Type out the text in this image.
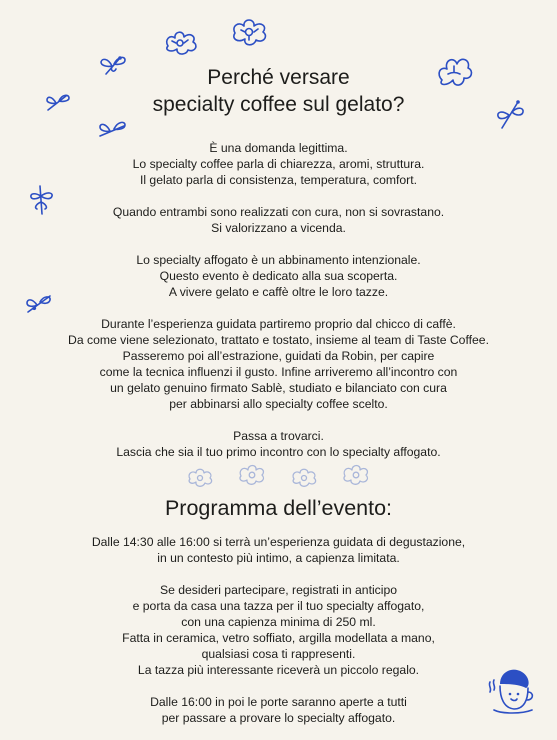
Perché versare
specialty coffee sul gelato?

È una domanda legittima.
Lo specialty coffee parla di chiarezza, aromi, struttura.
Il gelato parla di consistenza, temperatura, comfort.

Quando entrambi sono realizzati con cura, non si sovrastano.
Si valorizzano a vicenda.

Lo specialty affogato è un abbinamento intenzionale.
Questo evento è dedicato alla sua scoperta.
A vivere gelato e caffè oltre le loro tazze.

Durante l’esperienza guidata partiremo proprio dal chicco di caffè.
Da come viene selezionato, trattato e tostato, insieme al team di Taste Coffee.
Passeremo poi all’estrazione, guidati da Robin, per capire
come la tecnica influenzi il gusto. Infine arriveremo all’incontro con
un gelato genuino firmato Sablè, studiato e bilanciato con cura
per abbinarsi allo specialty coffee scelto.

Passa a trovarci.
Lascia che sia il tuo primo incontro con lo specialty affogato.

Programma dell’evento:

Dalle 14:30 alle 16:00 si terrà un’esperienza guidata di degustazione,
in un contesto più intimo, a capienza limitata.

Se desideri partecipare, registrati in anticipo
e porta da casa una tazza per il tuo specialty affogato,
con una capienza minima di 250 ml.
Fatta in ceramica, vetro soffiato, argilla modellata a mano,
qualsiasi cosa ti rappresenti.
La tazza più interessante riceverà un piccolo regalo.

Dalle 16:00 in poi le porte saranno aperte a tutti
per passare a provare lo specialty affogato.
